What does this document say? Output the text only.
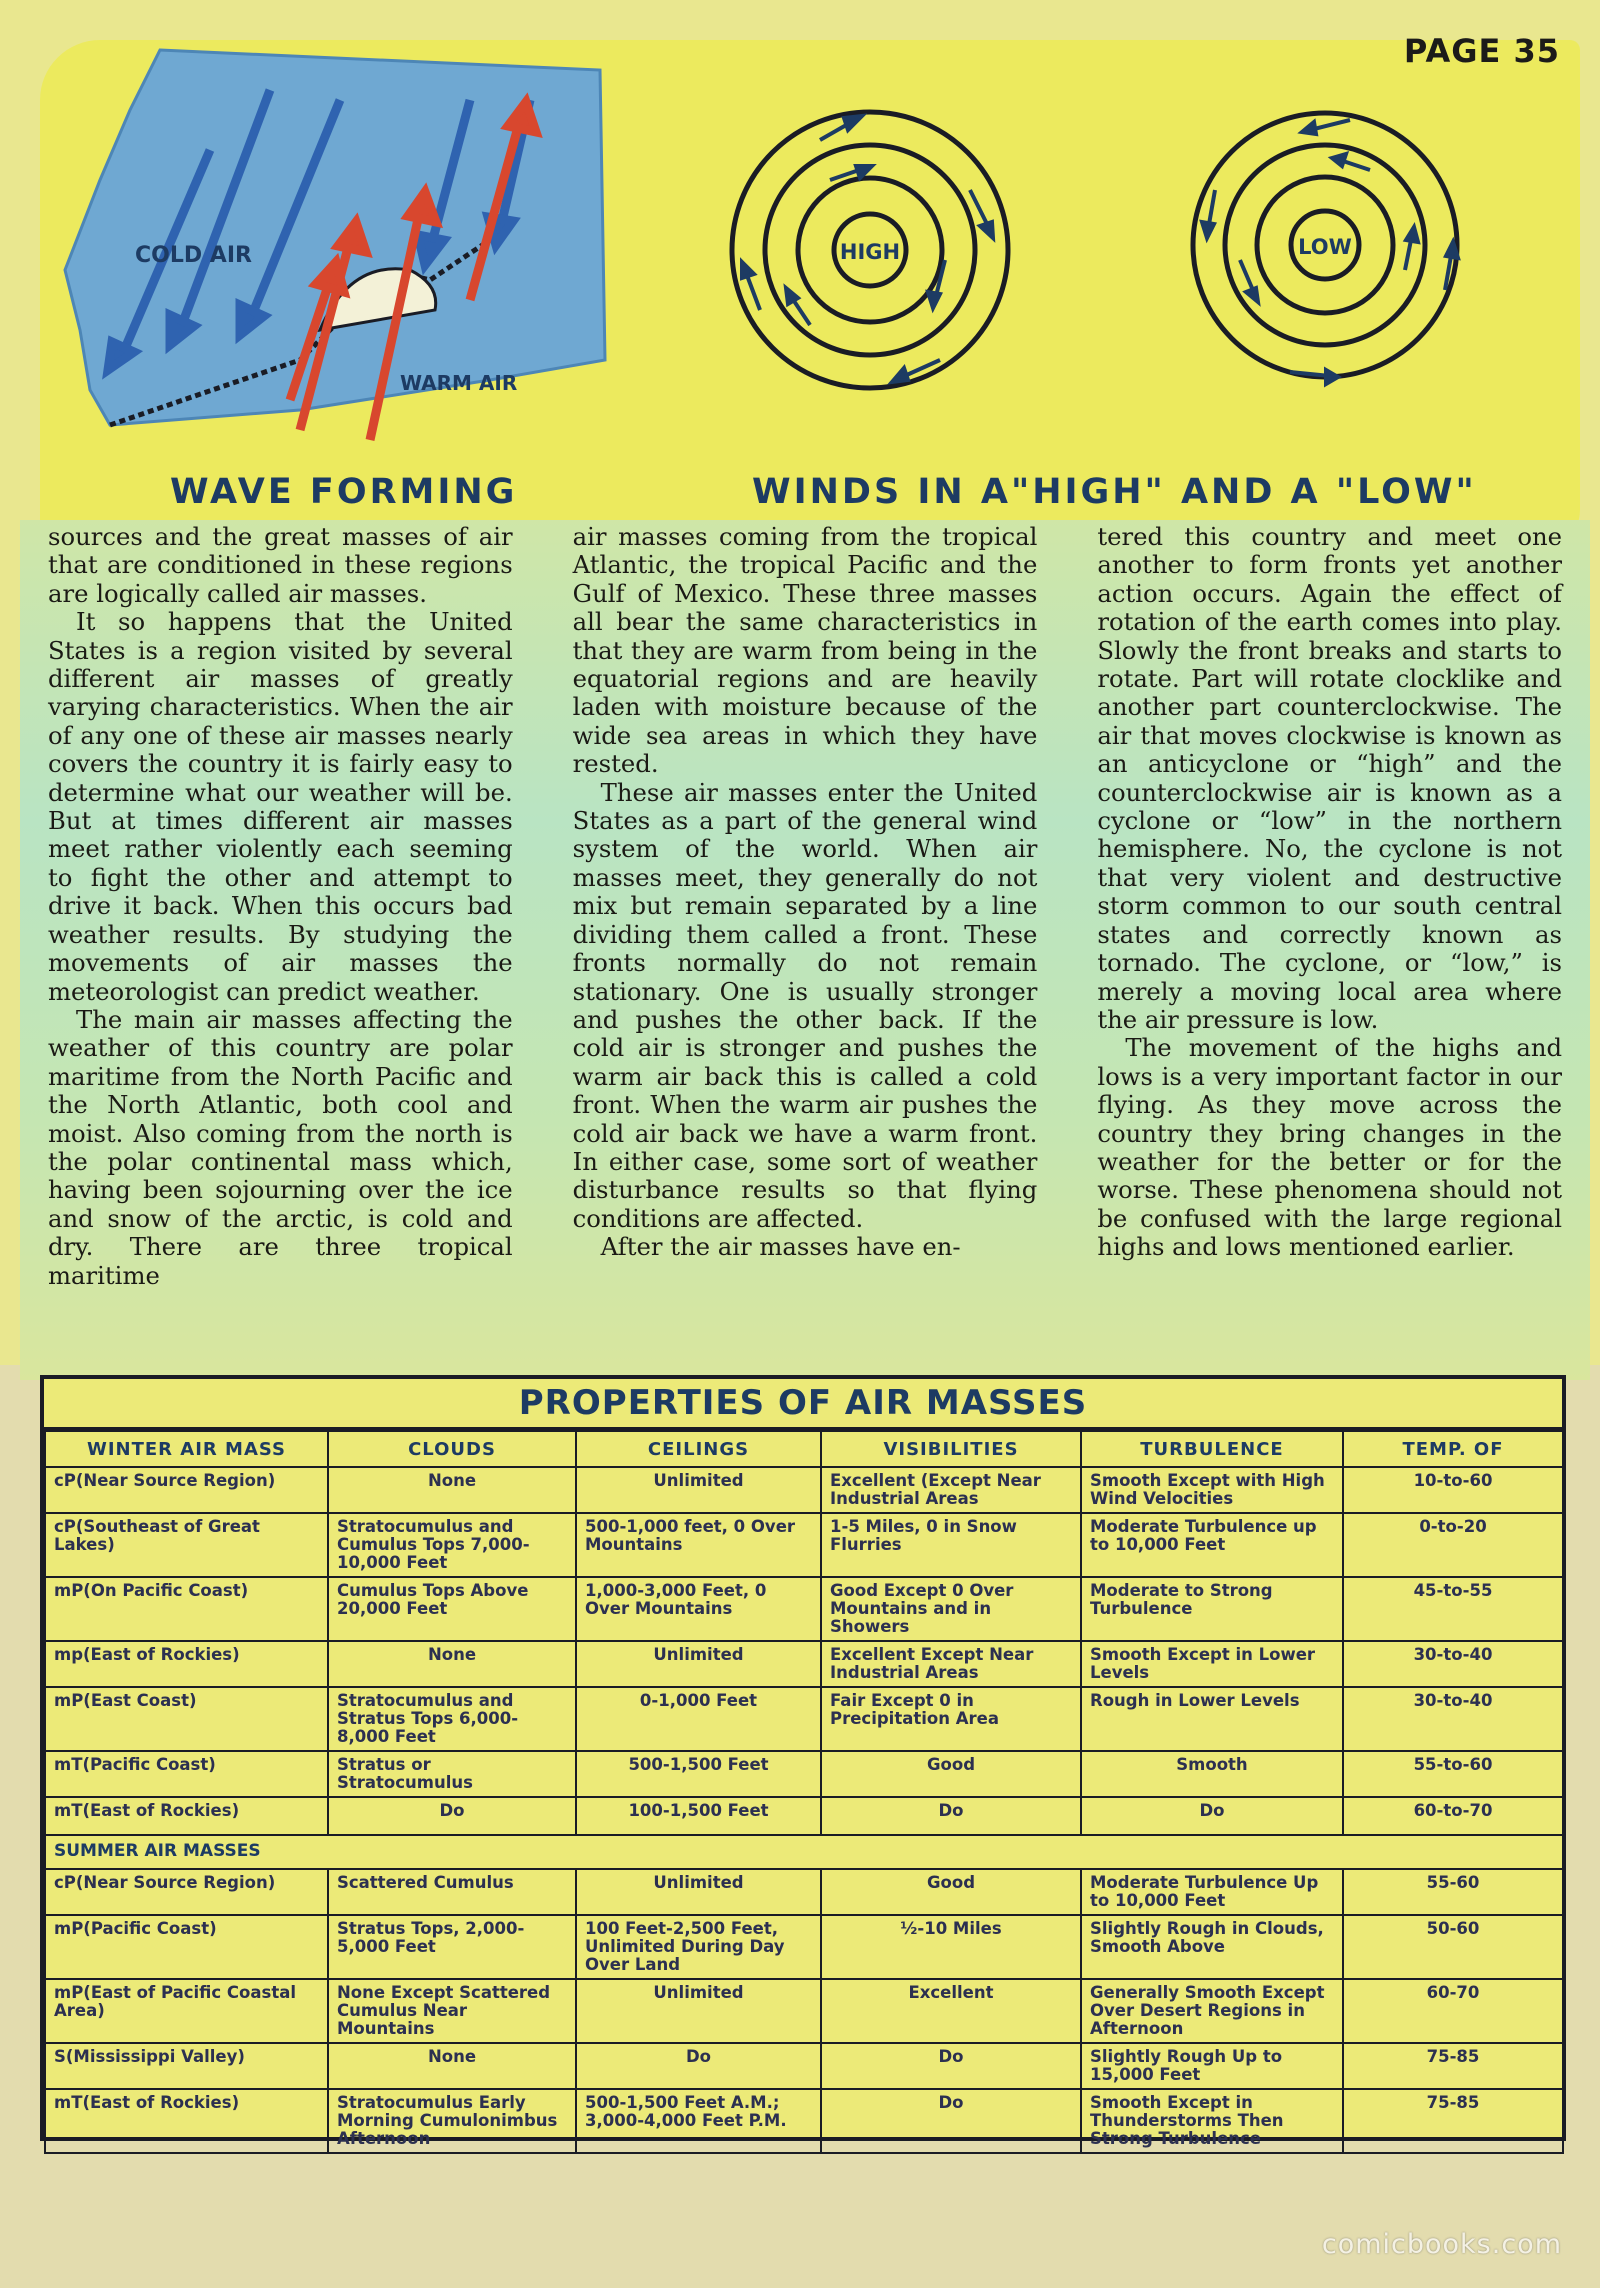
PAGE 35
COLD AIR
WARM AIR
WAVE FORMING
HIGH	LOW
WINDS IN A"HIGH" AND A "LOW"

sources and the great masses of air that are conditioned in these regions are logically called air masses.

It so happens that the United States is a region visited by several different air masses of greatly varying characteristics. When the air of any one of these air masses nearly covers the country it is fairly easy to determine what our weather will be. But at times different air masses meet rather violently each seeming to fight the other and attempt to drive it back. When this occurs bad weather results. By studying the movements of air masses the meteorologist can predict weather.

The main air masses affecting the weather of this country are polar maritime from the North Pacific and the North Atlantic, both cool and moist. Also coming from the north is the polar continental mass which, having been sojourning over the ice and snow of the arctic, is cold and dry. There are three tropical maritime

air masses coming from the tropical Atlantic, the tropical Pacific and the Gulf of Mexico. These three masses all bear the same characteristics in that they are warm from being in the equatorial regions and are heavily laden with moisture because of the wide sea areas in which they have rested.

These air masses enter the United States as a part of the general wind system of the world. When air masses meet, they generally do not mix but remain separated by a line dividing them called a front. These fronts normally do not remain stationary. One is usually stronger and pushes the other back. If the cold air is stronger and pushes the warm air back this is called a cold front. When the warm air pushes the cold air back we have a warm front. In either case, some sort of weather disturbance results so that flying conditions are affected.

After the air masses have en-

tered this country and meet one another to form fronts yet another action occurs. Again the effect of rotation of the earth comes into play. Slowly the front breaks and starts to rotate. Part will rotate clocklike and another part counterclockwise. The air that moves clockwise is known as an anticyclone or “high” and the counterclockwise air is known as a cyclone or “low” in the northern hemisphere. No, the cyclone is not that very violent and destructive storm common to our south central states and correctly known as tornado. The cyclone, or “low,” is merely a moving local area where the air pressure is low.

The movement of the highs and lows is a very important factor in our flying. As they move across the country they bring changes in the weather for the better or for the worse. These phenomena should not be confused with the large regional highs and lows mentioned earlier.

PROPERTIES OF AIR MASSES
WINTER AIR MASS	CLOUDS	CEILINGS	VISIBILITIES	TURBULENCE	TEMP. OF
cP(Near Source Region)	None	Unlimited	Excellent (Except Near Industrial Areas	Smooth Except with High Wind Velocities	10-to-60
cP(Southeast of Great Lakes)	Stratocumulus and Cumulus Tops 7,000-10,000 Feet	500-1,000 feet, 0 Over Mountains	1-5 Miles, 0 in Snow Flurries	Moderate Turbulence up to 10,000 Feet	0-to-20
mP(On Pacific Coast)	Cumulus Tops Above 20,000 Feet	1,000-3,000 Feet, 0 Over Mountains	Good Except 0 Over Mountains and in Showers	Moderate to Strong Turbulence	45-to-55
mp(East of Rockies)	None	Unlimited	Excellent Except Near Industrial Areas	Smooth Except in Lower Levels	30-to-40
mP(East Coast)	Stratocumulus and Stratus Tops 6,000-8,000 Feet	0-1,000 Feet	Fair Except 0 in Precipitation Area	Rough in Lower Levels	30-to-40
mT(Pacific Coast)	Stratus or Stratocumulus	500-1,500 Feet	Good	Smooth	55-to-60
mT(East of Rockies)	Do	100-1,500 Feet	Do	Do	60-to-70
SUMMER AIR MASSES					
cP(Near Source Region)	Scattered Cumulus	Unlimited	Good	Moderate Turbulence Up to 10,000 Feet	55-60
mP(Pacific Coast)	Stratus Tops, 2,000-5,000 Feet	100 Feet-2,500 Feet, Unlimited During Day Over Land	½-10 Miles	Slightly Rough in Clouds, Smooth Above	50-60
mP(East of Pacific Coastal Area)	None Except Scattered Cumulus Near Mountains	Unlimited	Excellent	Generally Smooth Except Over Desert Regions in Afternoon	60-70
S(Mississippi Valley)	None	Do	Do	Slightly Rough Up to 15,000 Feet	75-85
mT(East of Rockies)	Stratocumulus Early Morning Cumulonimbus Afternoon	500-1,500 Feet A.M.; 3,000-4,000 Feet P.M.	Do	Smooth Except in Thunderstorms Then Strong Turbulence	75-85
comicbooks.com
